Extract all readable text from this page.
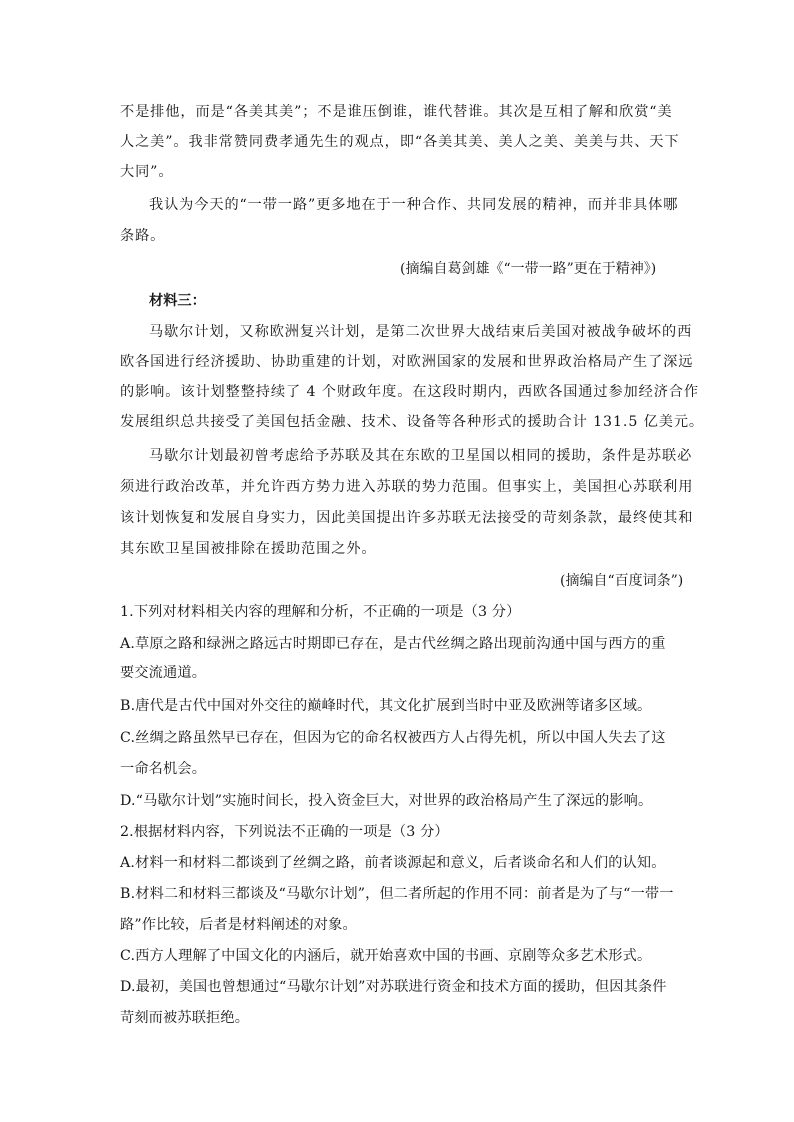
不是排他，而是“各美其美”；不是谁压倒谁，谁代替谁。其次是互相了解和欣赏“美
人之美”。我非常赞同费孝通先生的观点，即“各美其美、美人之美、美美与共、天下
大同”。
我认为今天的“一带一路”更多地在于一种合作、共同发展的精神，而并非具体哪
条路。
(摘编自葛剑雄《“一带一路”更在于精神》)
材料三：
马歇尔计划，又称欧洲复兴计划，是第二次世界大战结束后美国对被战争破坏的西
欧各国进行经济援助、协助重建的计划，对欧洲国家的发展和世界政治格局产生了深远
的影响。该计划整整持续了 4 个财政年度。在这段时期内，西欧各国通过参加经济合作
发展组织总共接受了美国包括金融、技术、设备等各种形式的援助合计 131.5 亿美元。
马歇尔计划最初曾考虑给予苏联及其在东欧的卫星国以相同的援助，条件是苏联必
须进行政治改革，并允许西方势力进入苏联的势力范围。但事实上，美国担心苏联利用
该计划恢复和发展自身实力，因此美国提出许多苏联无法接受的苛刻条款，最终使其和
其东欧卫星国被排除在援助范围之外。
(摘编自“百度词条”)
1.下列对材料相关内容的理解和分析，不正确的一项是（3 分）
A.草原之路和绿洲之路远古时期即已存在，是古代丝绸之路出现前沟通中国与西方的重
要交流通道。
B.唐代是古代中国对外交往的巅峰时代，其文化扩展到当时中亚及欧洲等诸多区域。
C.丝绸之路虽然早已存在，但因为它的命名权被西方人占得先机，所以中国人失去了这
一命名机会。
D.“马歇尔计划”实施时间长，投入资金巨大，对世界的政治格局产生了深远的影响。
2.根据材料内容，下列说法不正确的一项是（3 分）
A.材料一和材料二都谈到了丝绸之路，前者谈源起和意义，后者谈命名和人们的认知。
B.材料二和材料三都谈及“马歇尔计划”，但二者所起的作用不同：前者是为了与“一带一
路”作比较，后者是材料阐述的对象。
C.西方人理解了中国文化的内涵后，就开始喜欢中国的书画、京剧等众多艺术形式。
D.最初，美国也曾想通过“马歇尔计划”对苏联进行资金和技术方面的援助，但因其条件
苛刻而被苏联拒绝。
